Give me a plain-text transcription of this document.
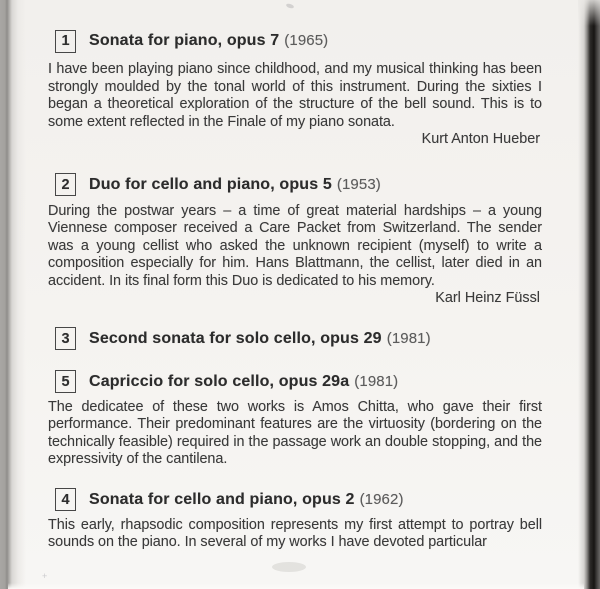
1	Sonata for piano, opus 7 (1965)

I have been playing piano since childhood, and my musical thinking has been strongly moulded by the tonal world of this instrument. During the sixties I began a theoretical exploration of the structure of the bell sound. This is to some extent reflected in the Finale of my piano sonata.

Kurt Anton Hueber
2	Duo for cello and piano, opus 5 (1953)

During the postwar years – a time of great material hardships – a young Viennese composer received a Care Packet from Switzerland. The sender was a young cellist who asked the unknown recipient (myself) to write a composition especially for him. Hans Blattmann, the cellist, later died in an accident. In its final form this Duo is dedicated to his memory.

Karl Heinz Füssl
3	Second sonata for solo cello, opus 29 (1981)
5	Capriccio for solo cello, opus 29a (1981)

The dedicatee of these two works is Amos Chitta, who gave their first performance. Their predominant features are the virtuosity (bordering on the technically feasible) required in the passage work an double stopping, and the expressivity of the cantilena.

4	Sonata for cello and piano, opus 2 (1962)

This early, rhapsodic composition represents my first attempt to portray bell sounds on the piano. In several of my works I have devoted particular

+
